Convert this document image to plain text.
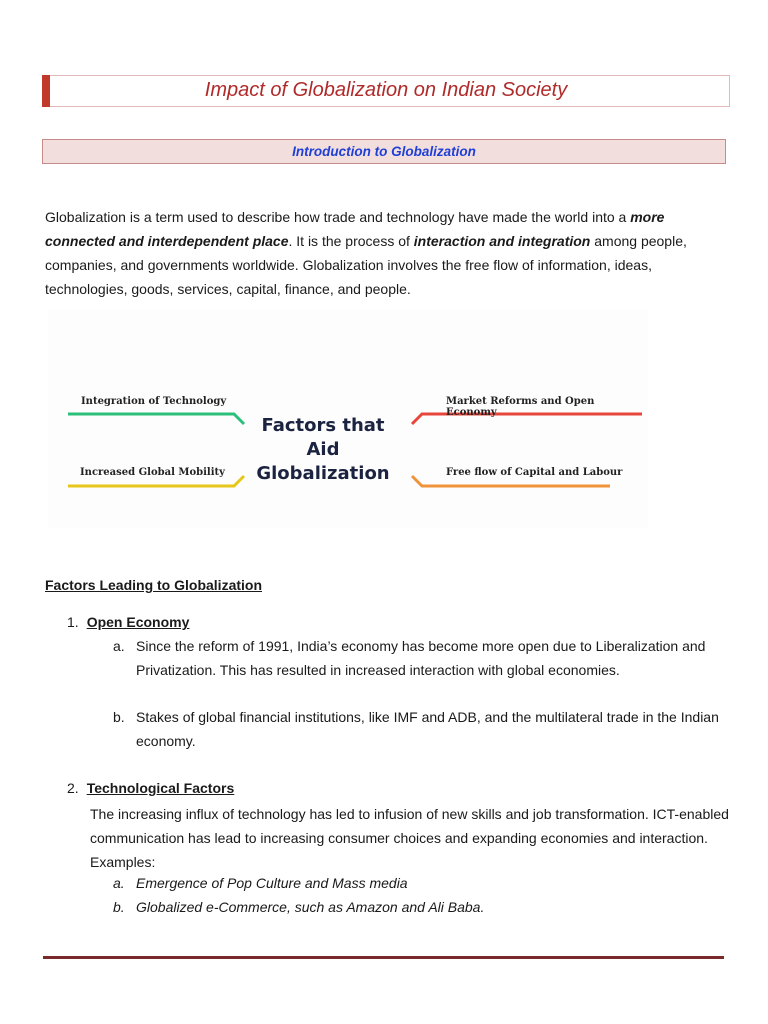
Impact of Globalization on Indian Society
Introduction to Globalization
Globalization is a term used to describe how trade and technology have made the world into a more connected and interdependent place. It is the process of interaction and integration among people, companies, and governments worldwide. Globalization involves the free flow of information, ideas, technologies, goods, services, capital, finance, and people.
Integration of Technology
Increased Global Mobility
Market Reforms and Open Economy
Free flow of Capital and Labour
Factors that
Aid
Globalization
Factors Leading to Globalization
1. Open Economy
a. Since the reform of 1991, India’s economy has become more open due to Liberalization and Privatization. This has resulted in increased interaction with global economies.
b. Stakes of global financial institutions, like IMF and ADB, and the multilateral trade in the Indian economy.
2. Technological Factors
The increasing influx of technology has led to infusion of new skills and job transformation. ICT-enabled communication has lead to increasing consumer choices and expanding economies and interaction. Examples:
a. Emergence of Pop Culture and Mass media
b. Globalized e-Commerce, such as Amazon and Ali Baba.
